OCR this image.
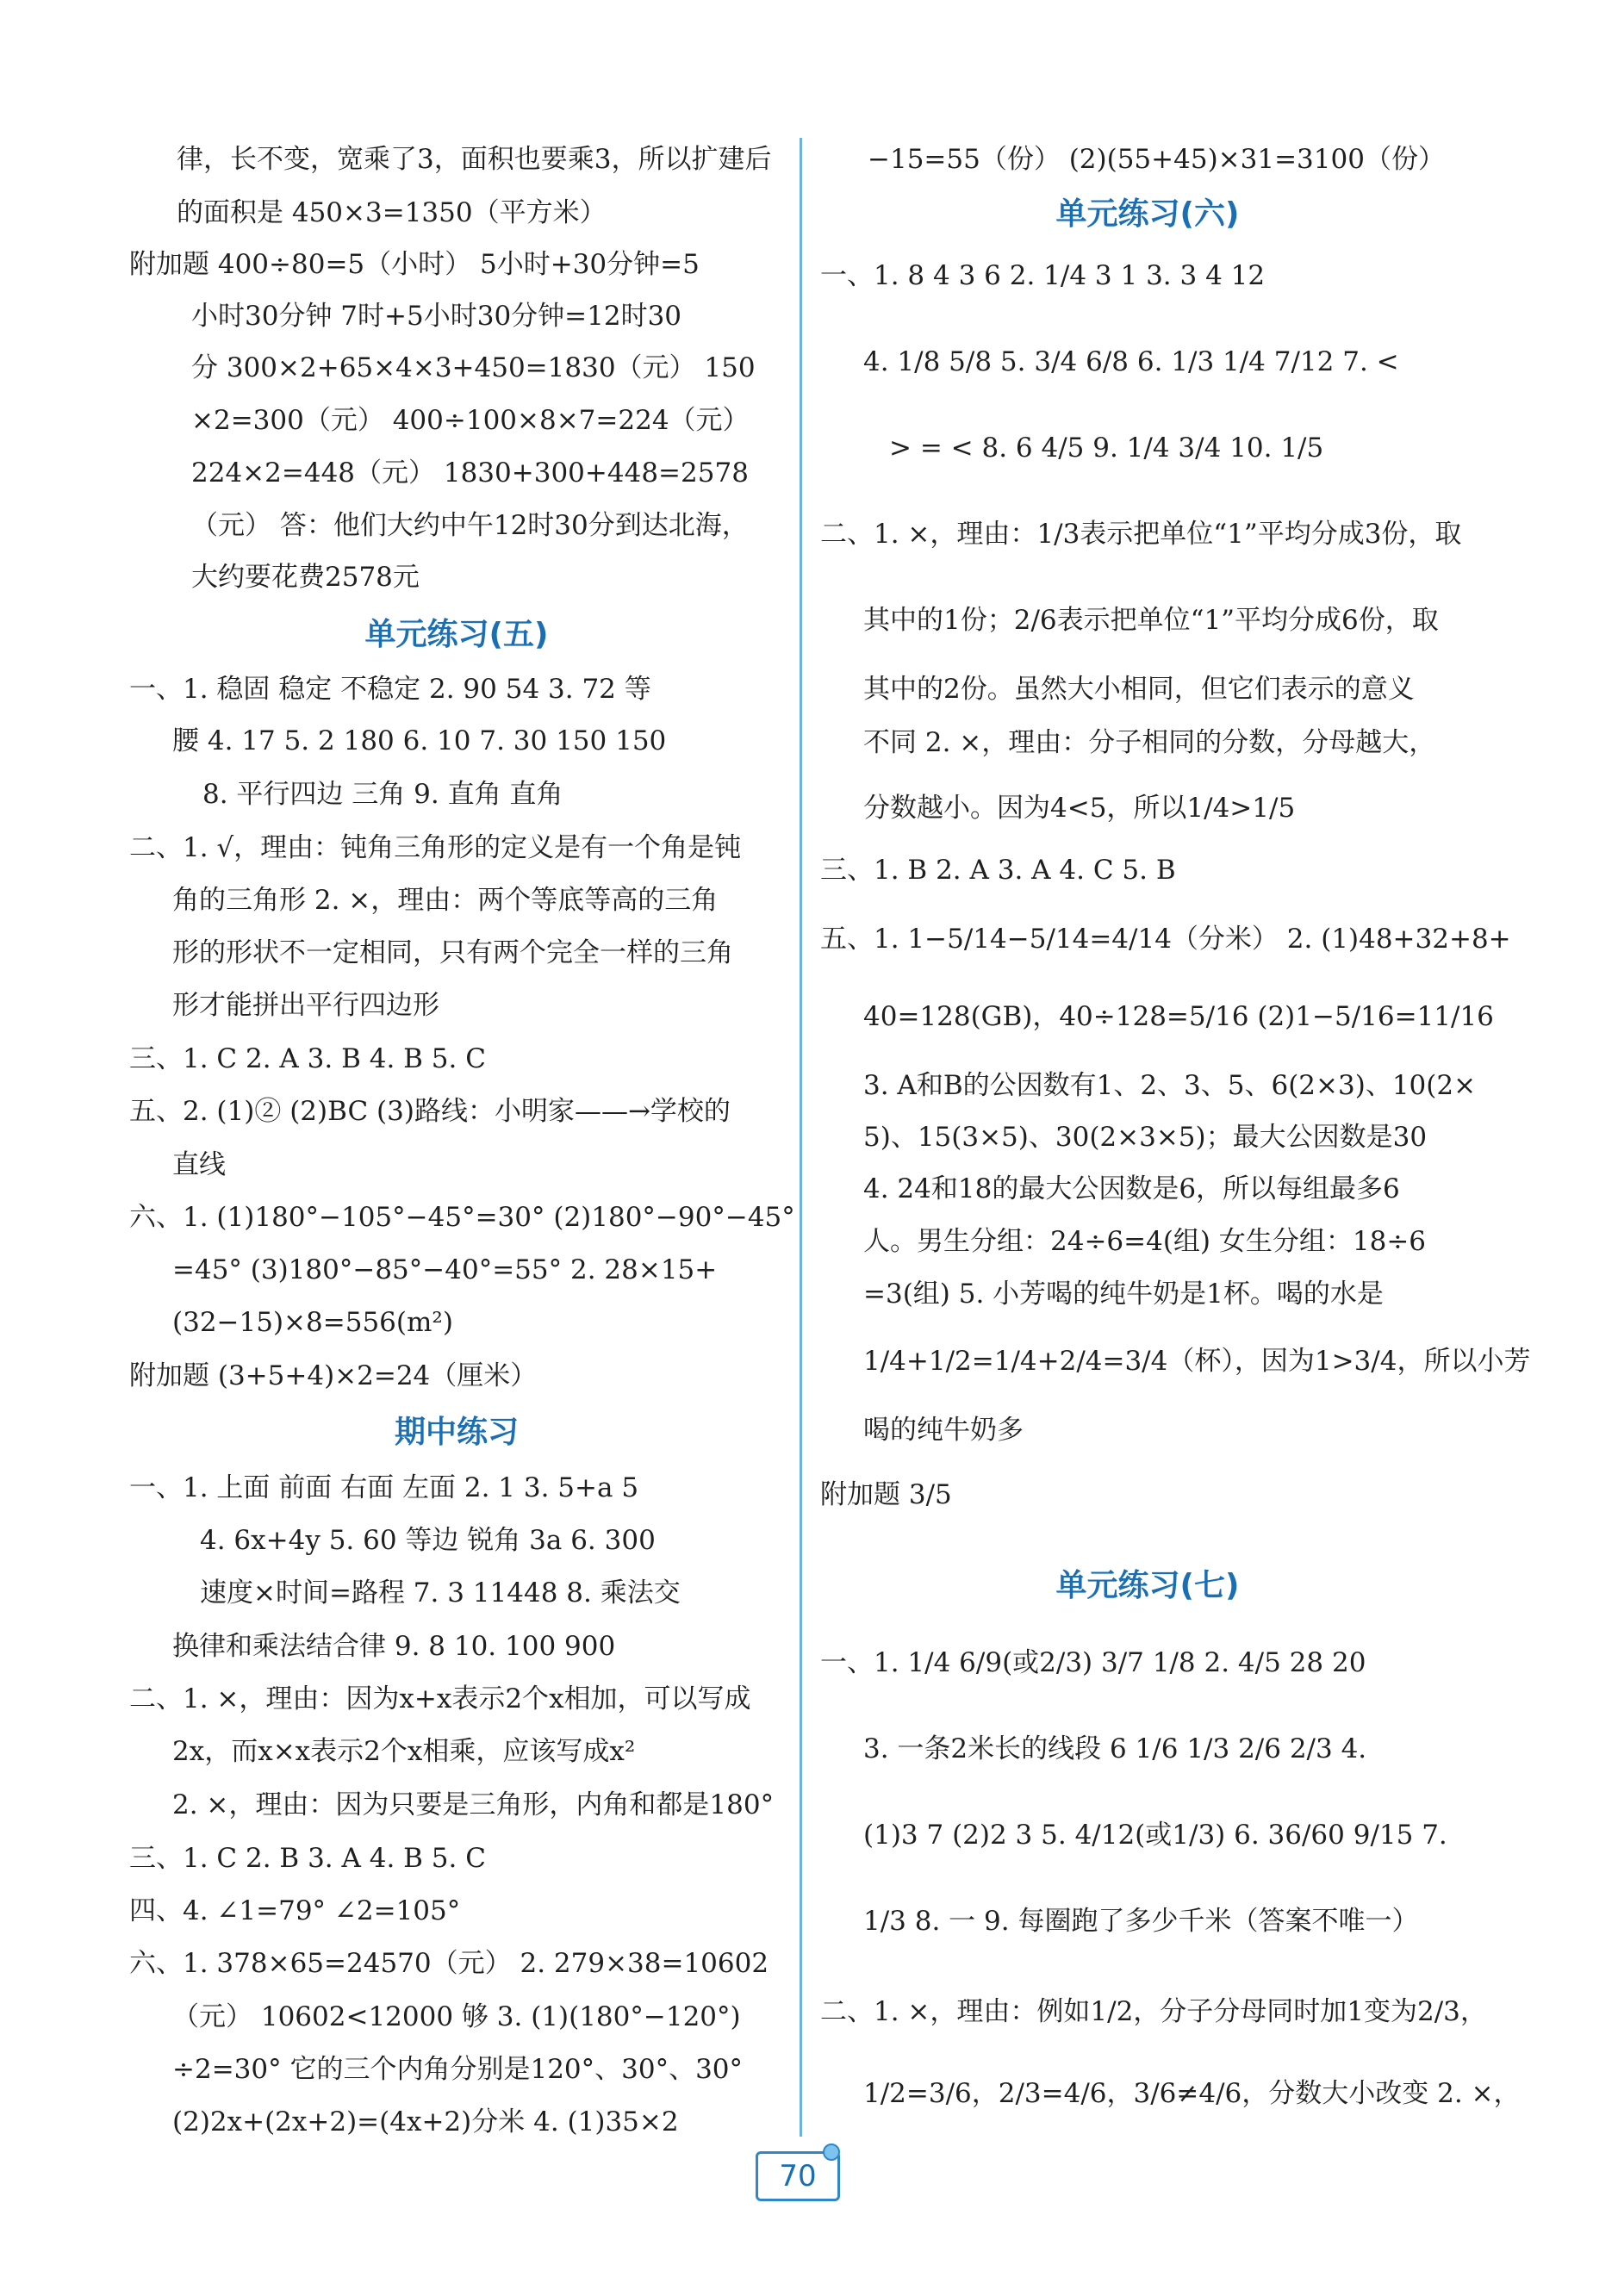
律，长不变，宽乘了3，面积也要乘3，所以扩建后
的面积是 450×3=1350（平方米）
附加题 400÷80=5（小时） 5小时+30分钟=5
小时30分钟 7时+5小时30分钟=12时30
分 300×2+65×4×3+450=1830（元） 150
×2=300（元） 400÷100×8×7=224（元）
224×2=448（元） 1830+300+448=2578
（元） 答：他们大约中午12时30分到达北海，
大约要花费2578元
单元练习(五)
一、1. 稳固 稳定 不稳定 2. 90 54 3. 72 等
腰 4. 17 5. 2 180 6. 10 7. 30 150 150
8. 平行四边 三角 9. 直角 直角
二、1. √，理由：钝角三角形的定义是有一个角是钝
角的三角形 2. ×，理由：两个等底等高的三角
形的形状不一定相同，只有两个完全一样的三角
形才能拼出平行四边形
三、1. C 2. A 3. B 4. B 5. C
五、2. (1)② (2)BC (3)路线：小明家——→学校的
直线
六、1. (1)180°−105°−45°=30° (2)180°−90°−45°
=45° (3)180°−85°−40°=55° 2. 28×15+
(32−15)×8=556(m²)
附加题 (3+5+4)×2=24（厘米）
期中练习
一、1. 上面 前面 右面 左面 2. 1 3. 5+a 5
4. 6x+4y 5. 60 等边 锐角 3a 6. 300
速度×时间=路程 7. 3 11448 8. 乘法交
换律和乘法结合律 9. 8 10. 100 900
二、1. ×，理由：因为x+x表示2个x相加，可以写成
2x，而x×x表示2个x相乘，应该写成x²
2. ×，理由：因为只要是三角形，内角和都是180°
三、1. C 2. B 3. A 4. B 5. C
四、4. ∠1=79° ∠2=105°
六、1. 378×65=24570（元） 2. 279×38=10602
（元） 10602<12000 够 3. (1)(180°−120°)
÷2=30° 它的三个内角分别是120°、30°、30°
(2)2x+(2x+2)=(4x+2)分米 4. (1)35×2
−15=55（份） (2)(55+45)×31=3100（份）
单元练习(六)
一、1. 8 4 3 6 2. 1/4 3 1 3. 3 4 12
4. 1/8 5/8 5. 3/4 6/8 6. 1/3 1/4 7/12 7. <
> = < 8. 6 4/5 9. 1/4 3/4 10. 1/5
二、1. ×，理由：1/3表示把单位“1”平均分成3份，取
其中的1份；2/6表示把单位“1”平均分成6份，取
其中的2份。虽然大小相同，但它们表示的意义
不同 2. ×，理由：分子相同的分数，分母越大，
分数越小。因为4<5，所以1/4>1/5
三、1. B 2. A 3. A 4. C 5. B
五、1. 1−5/14−5/14=4/14（分米） 2. (1)48+32+8+
40=128(GB)，40÷128=5/16 (2)1−5/16=11/16
3. A和B的公因数有1、2、3、5、6(2×3)、10(2×
5)、15(3×5)、30(2×3×5)；最大公因数是30
4. 24和18的最大公因数是6，所以每组最多6
人。男生分组：24÷6=4(组) 女生分组：18÷6
=3(组) 5. 小芳喝的纯牛奶是1杯。喝的水是
1/4+1/2=1/4+2/4=3/4（杯），因为1>3/4，所以小芳
喝的纯牛奶多
附加题 3/5
单元练习(七)
一、1. 1/4 6/9(或2/3) 3/7 1/8 2. 4/5 28 20
3. 一条2米长的线段 6 1/6 1/3 2/6 2/3 4.
(1)3 7 (2)2 3 5. 4/12(或1/3) 6. 36/60 9/15 7.
1/3 8. 一 9. 每圈跑了多少千米（答案不唯一）
二、1. ×，理由：例如1/2，分子分母同时加1变为2/3，
1/2=3/6，2/3=4/6，3/6≠4/6，分数大小改变 2. ×，
70
